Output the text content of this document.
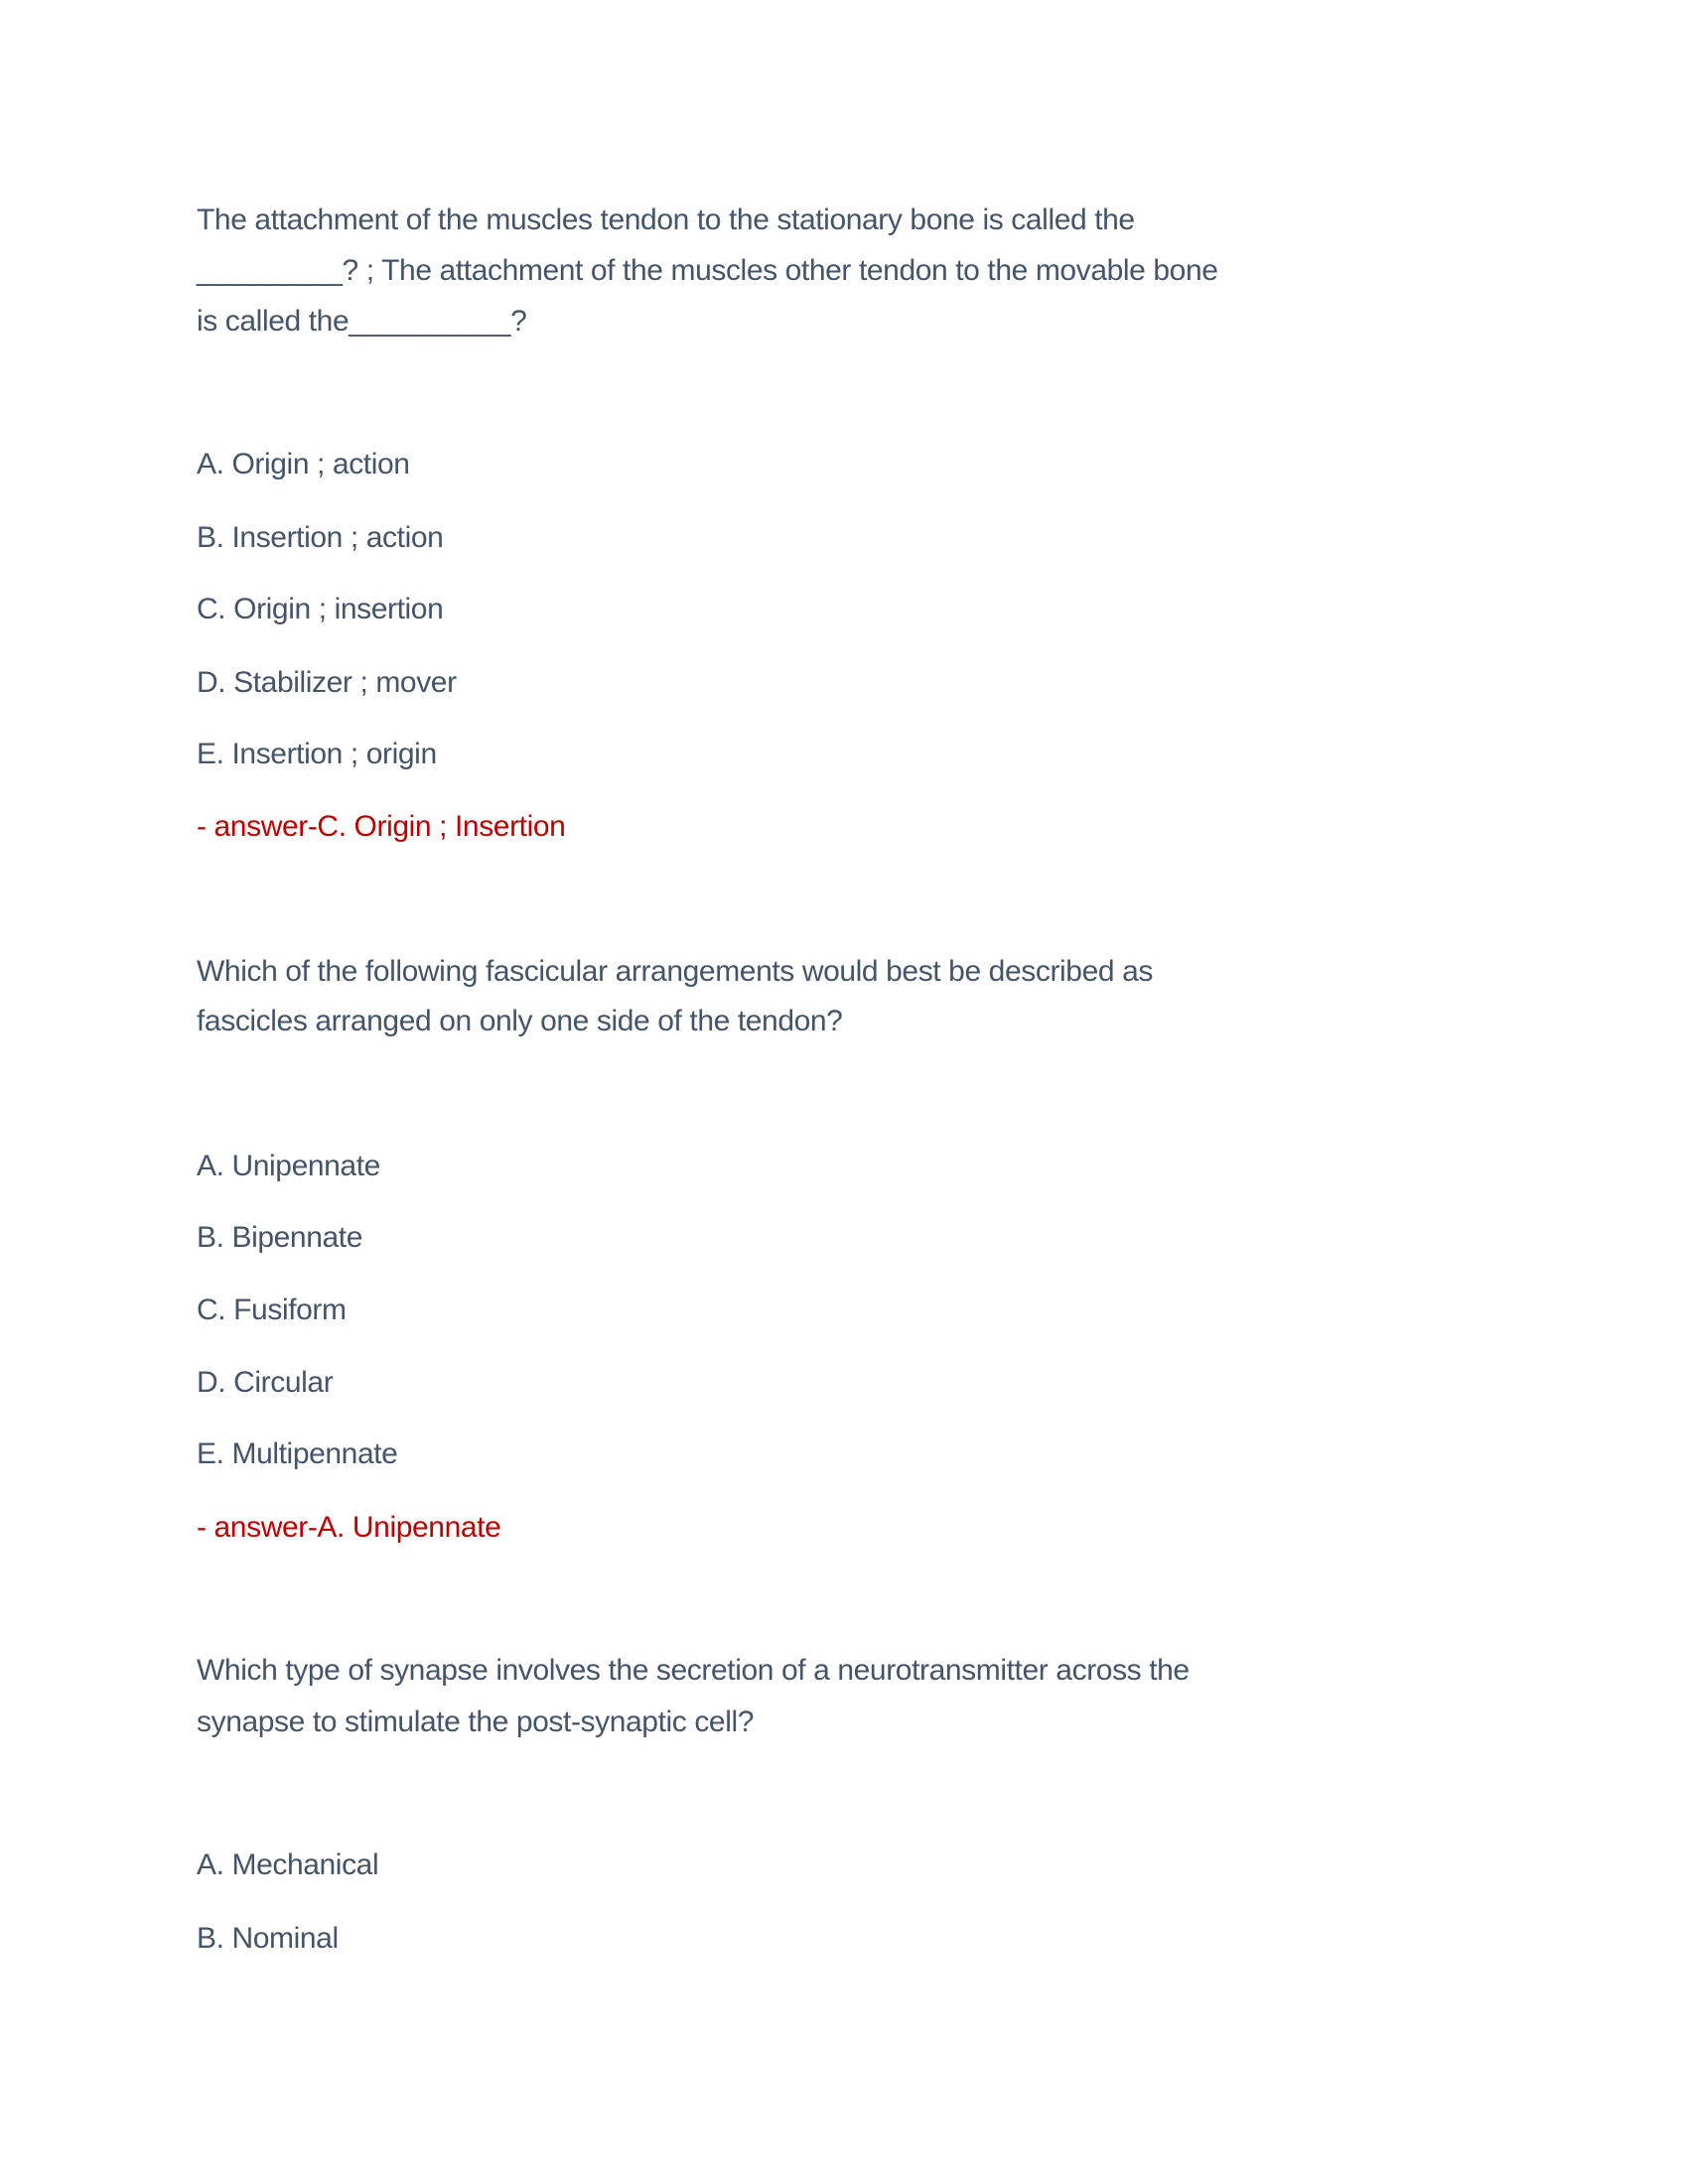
The attachment of the muscles tendon to the stationary bone is called the
_________? ; The attachment of the muscles other tendon to the movable bone
is called the__________?
A. Origin ; action
B. Insertion ; action
C. Origin ; insertion
D. Stabilizer ; mover
E. Insertion ; origin
- answer-C. Origin ; Insertion
Which of the following fascicular arrangements would best be described as
fascicles arranged on only one side of the tendon?
A. Unipennate
B. Bipennate
C. Fusiform
D. Circular
E. Multipennate
- answer-A. Unipennate
Which type of synapse involves the secretion of a neurotransmitter across the
synapse to stimulate the post-synaptic cell?
A. Mechanical
B. Nominal
